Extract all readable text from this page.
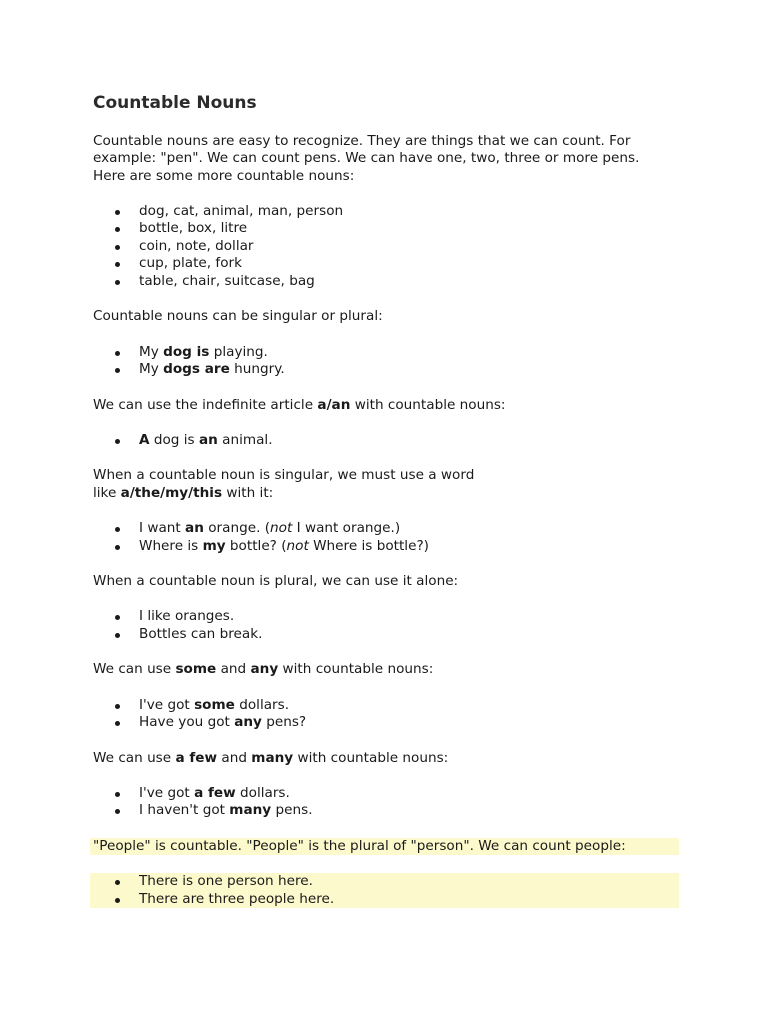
Countable Nouns

Countable nouns are easy to recognize. They are things that we can count. For
example: "pen". We can count pens. We can have one, two, three or more pens.
Here are some more countable nouns:

dog, cat, animal, man, person
bottle, box, litre
coin, note, dollar
cup, plate, fork
table, chair, suitcase, bag

Countable nouns can be singular or plural:

My dog is playing.
My dogs are hungry.

We can use the indefinite article a/an with countable nouns:

A dog is an animal.

When a countable noun is singular, we must use a word
like a/the/my/this with it:

I want an orange. (not I want orange.)
Where is my bottle? (not Where is bottle?)

When a countable noun is plural, we can use it alone:

I like oranges.
Bottles can break.

We can use some and any with countable nouns:

I've got some dollars.
Have you got any pens?

We can use a few and many with countable nouns:

I've got a few dollars.
I haven't got many pens.

"People" is countable. "People" is the plural of "person". We can count people:

There is one person here.
There are three people here.
